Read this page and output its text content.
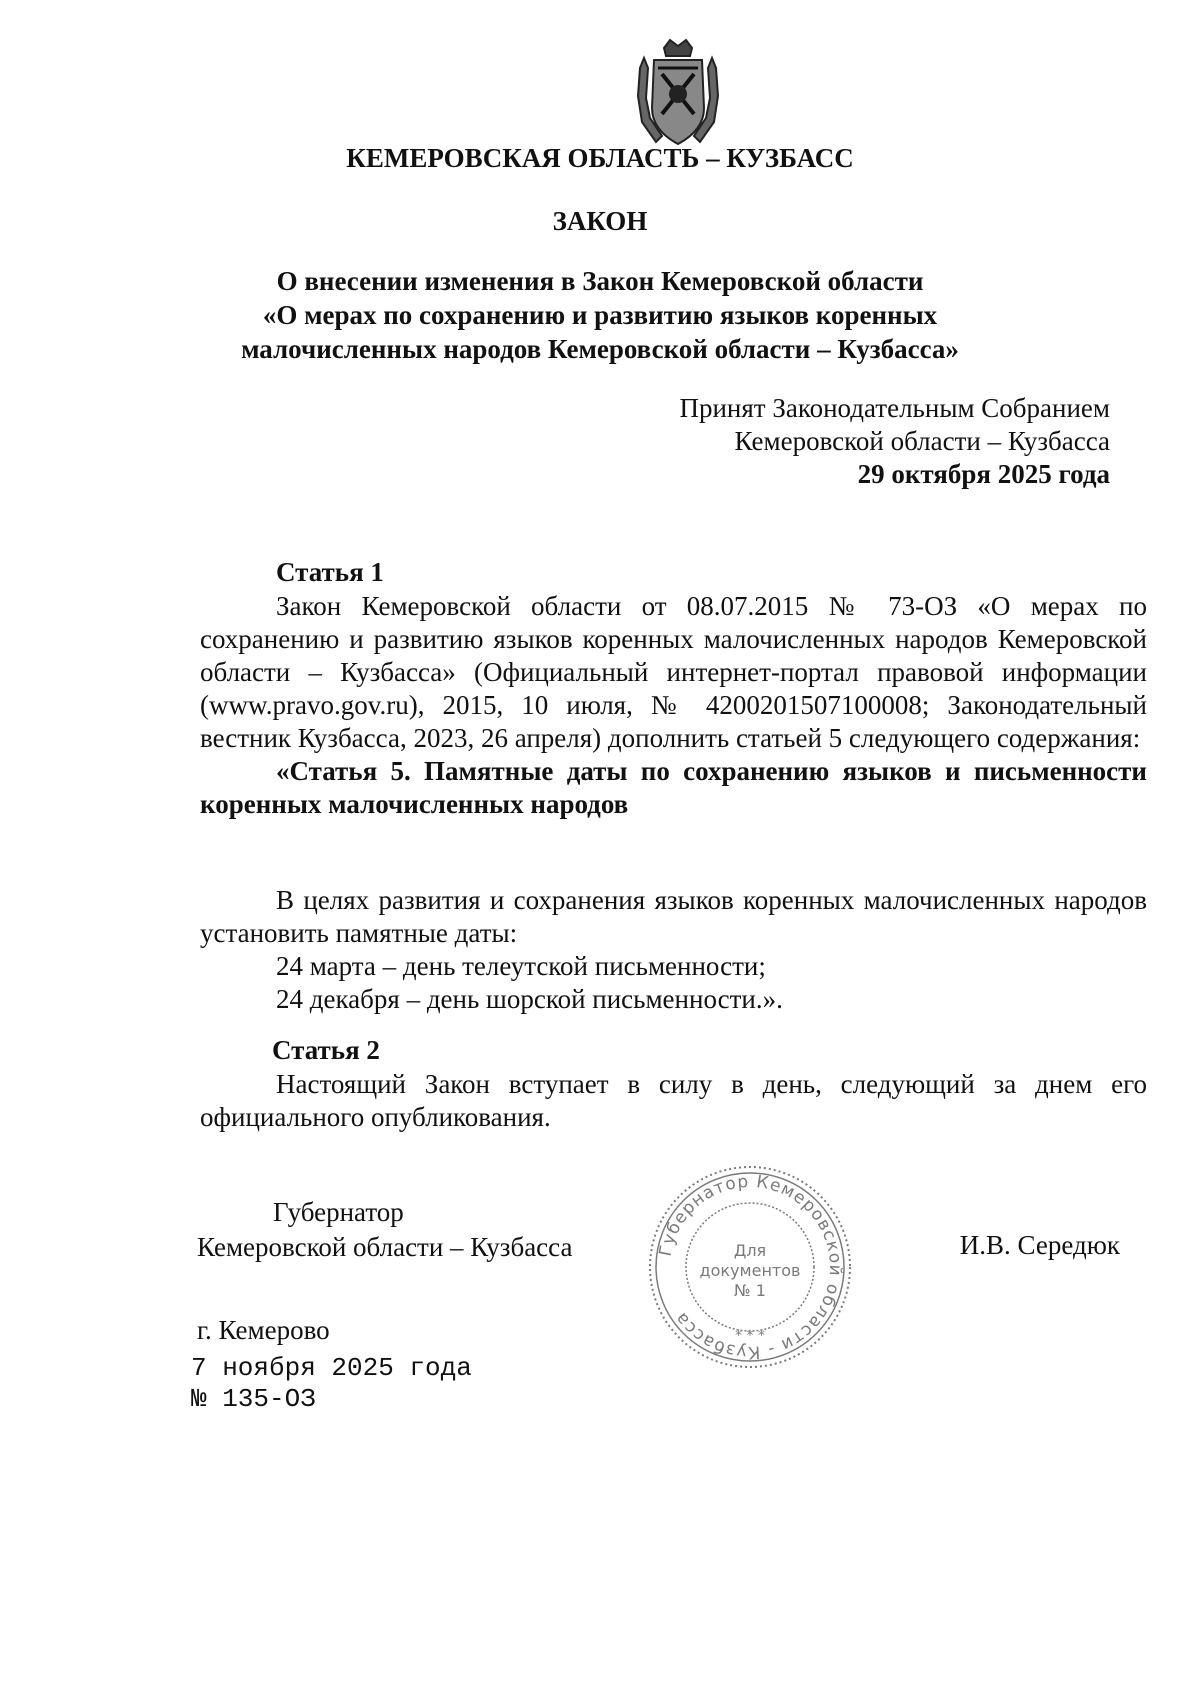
КЕМЕРОВСКАЯ ОБЛАСТЬ – КУЗБАСС
ЗАКОН
О внесении изменения в Закон Кемеровской области
«О мерах по сохранению и развитию языков коренных
малочисленных народов Кемеровской области – Кузбасса»
Принят Законодательным Собранием
Кемеровской области – Кузбасса
29 октября 2025 года
Статья 1

Закон Кемеровской области от 08.07.2015 № 73-ОЗ «О мерах по сохранению и развитию языков коренных малочисленных народов Кемеровской области – Кузбасса» (Официальный интернет-портал правовой информации (www.pravo.gov.ru), 2015, 10 июля, № 4200201507100008; Законодательный вестник Кузбасса, 2023, 26 апреля) дополнить статьей 5 следующего содержания:

«Статья 5. Памятные даты по сохранению языков и письменности коренных малочисленных народов

В целях развития и сохранения языков коренных малочисленных народов установить памятные даты:

24 марта – день телеутской письменности;

24 декабря – день шорской письменности.».

Статья 2

Настоящий Закон вступает в силу в день, следующий за днем его официального опубликования.

Губернатор
Кемеровской области – Кузбасса	Губернатор Кемеровской области - Кузбасса
Для
документов
№ 1
* * *
И.В. Середюк
г. Кемерово
7 ноября 2025 года
№ 135-ОЗ
